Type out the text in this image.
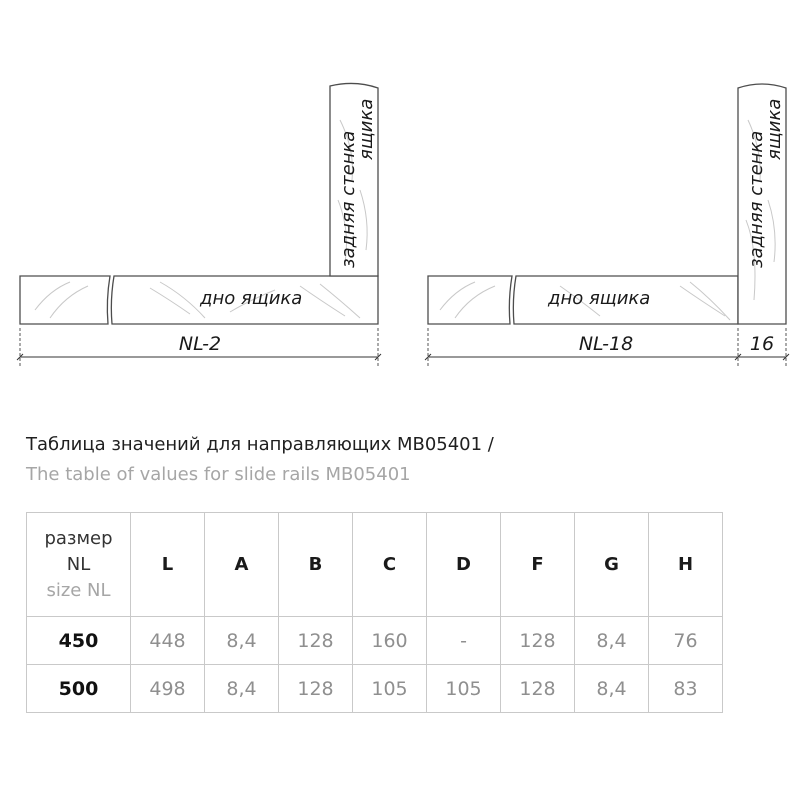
дно ящика
задняя стенка
ящика
NL-2
дно ящика
задняя стенка
ящика
NL-18	16
Таблица значений для направляющих MB05401 /
The table of values for slide rails MB05401
размер
NL
size NL	L	A	B	C	D	F	G	H
450	448	8,4	128	160	-	128	8,4	76
500	498	8,4	128	105	105	128	8,4	83
